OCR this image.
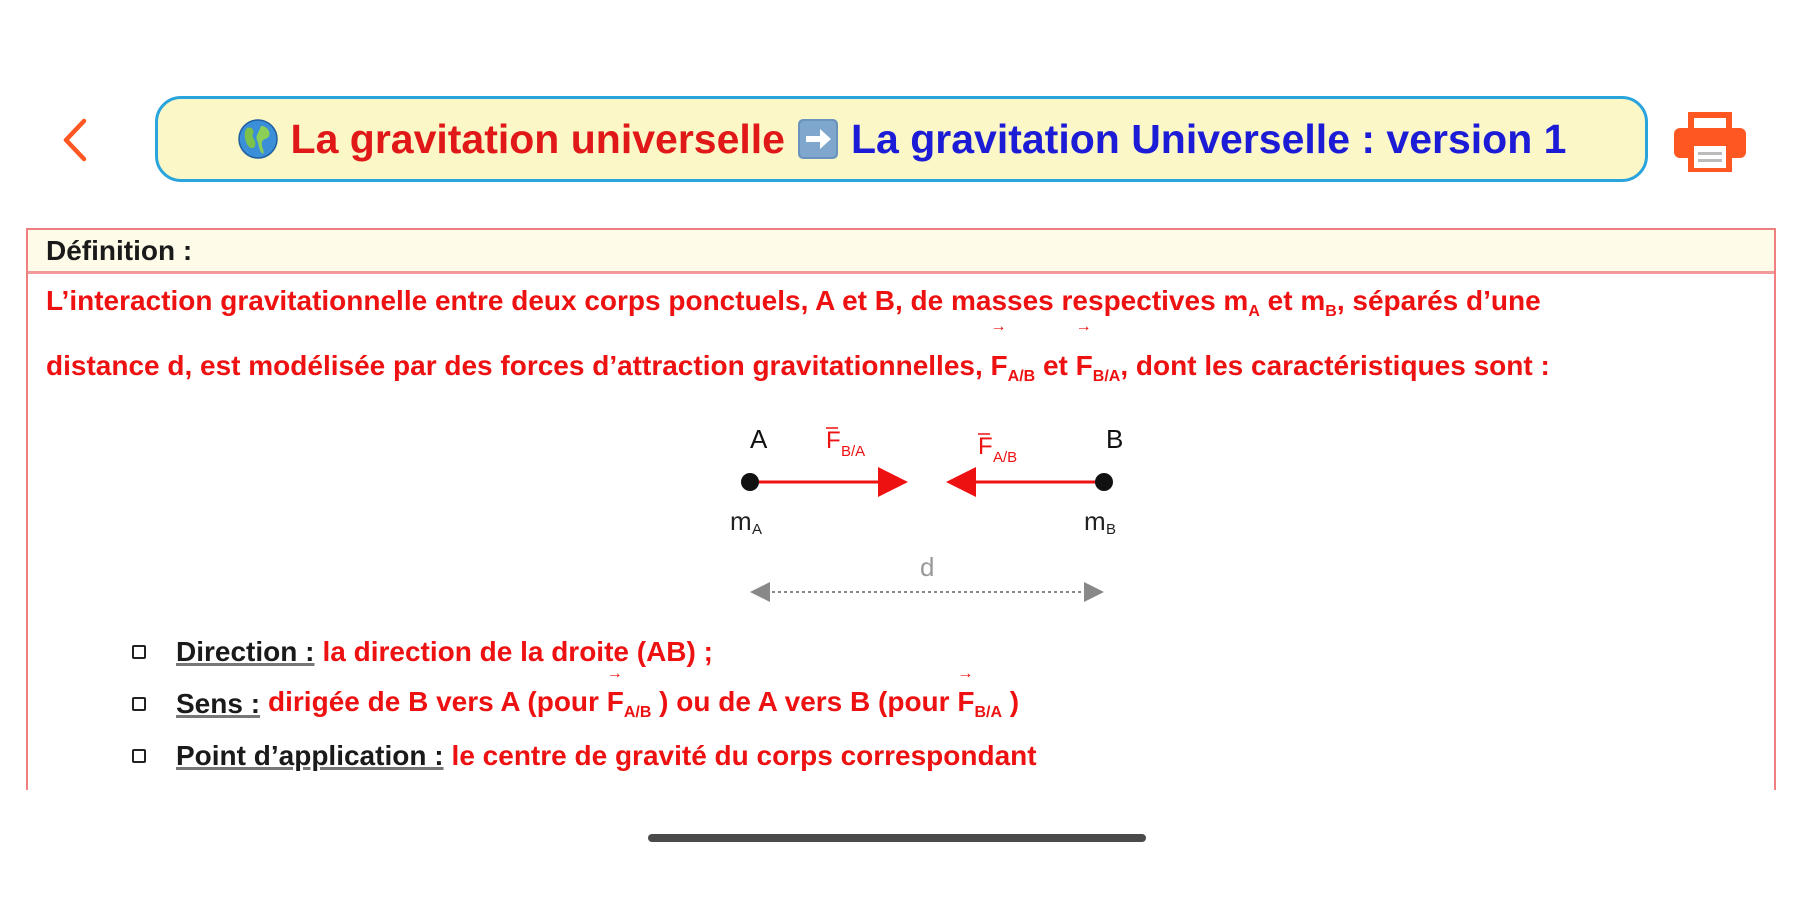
La gravitation universelle La gravitation Universelle : version 1
Définition :
L’interaction gravitationnelle entre deux corps ponctuels, A et B, de masses respectives $m_A$ et $m_B$, séparés d’une
distance d, est modélisée par des forces d’attraction gravitationnelles, → $F_{A/B}$ et → $F_{B/A}$, dont les caractéristiques sont :
A	B
F B/A	F A/B
m A	m B
d
Direction : la direction de la droite (AB) ;
Sens : dirigée de B vers A (pour → $F_{A/B}$ ) ou de A vers B (pour → $F_{B/A}$ )
Point d’application : le centre de gravité du corps correspondant
